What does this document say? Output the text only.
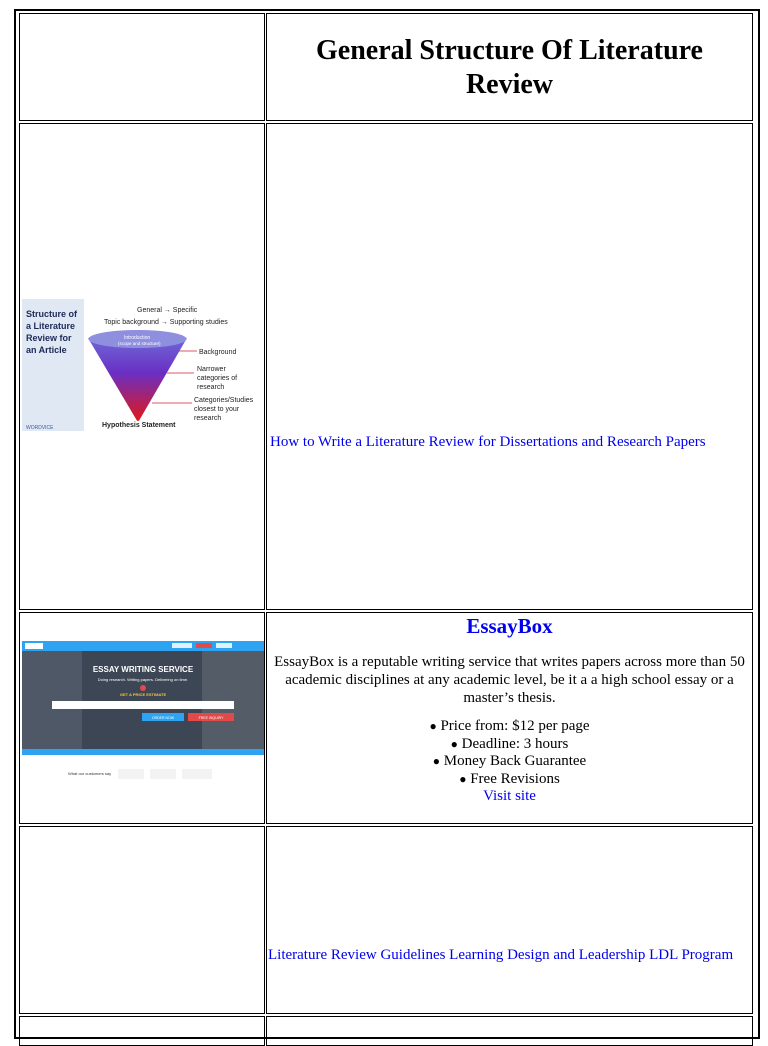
General Structure Of Literature
Review
Structure of
a Literature
Review for
an Article
WORDVICE
General → Specific
Topic background → Supporting studies
Introduction
(scope and structure)
Background
Narrower
categories of
research
Categories/Studies
closest to your
research
Hypothesis Statement
How to Write a Literature Review for Dissertations and Research Papers
ESSAY WRITING SERVICE
Doing research. Writing papers. Delivering on time.
GET A PRICE ESTIMATE
ORDER NOW	FREE INQUIRY
What our customers say
EssayBox
EssayBox is a reputable writing service that writes papers across more than 50
academic disciplines at any academic level, be it a a high school essay or a
master’s thesis.
● Price from: $12 per page
● Deadline: 3 hours
● Money Back Guarantee
● Free Revisions
Visit site
Literature Review Guidelines Learning Design and Leadership LDL Program
